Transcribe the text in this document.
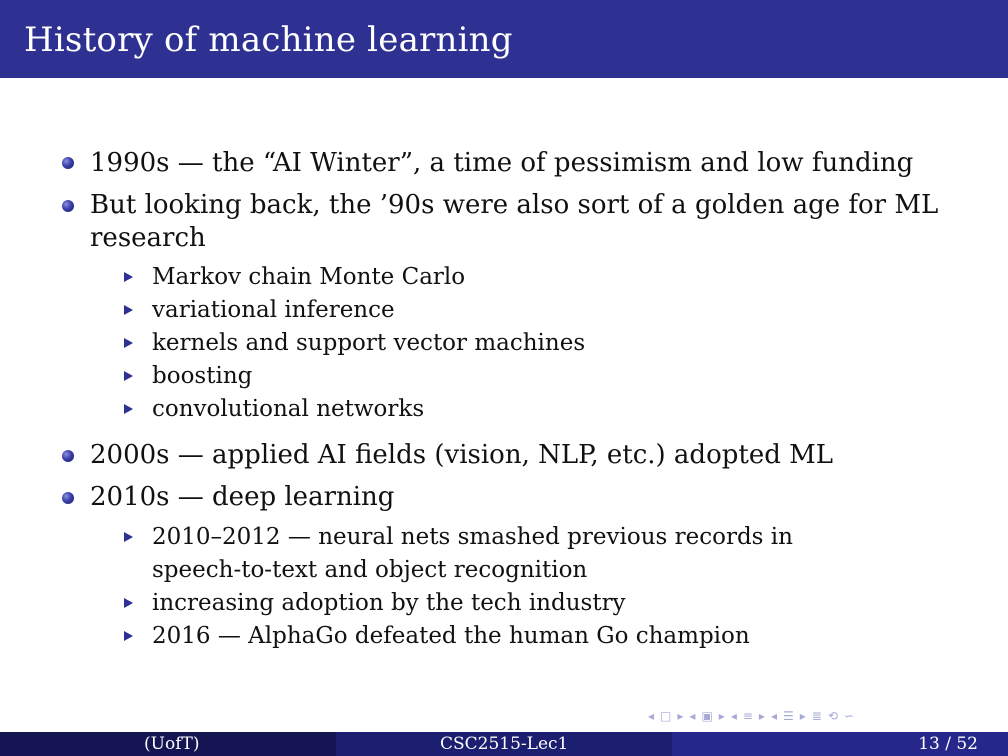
History of machine learning
1990s — the “AI Winter”, a time of pessimism and low funding
But looking back, the ’90s were also sort of a golden age for ML
research
Markov chain Monte Carlo
variational inference
kernels and support vector machines
boosting
convolutional networks
2000s — applied AI fields (vision, NLP, etc.) adopted ML
2010s — deep learning
2010–2012 — neural nets smashed previous records in
speech-to-text and object recognition
increasing adoption by the tech industry
2016 — AlphaGo defeated the human Go champion
◂ □ ▸ ◂ ▣ ▸ ◂ ≡ ▸ ◂ ☰ ▸ ≣ ⟲ ∽
(UofT)	CSC2515-Lec1	13 / 52
